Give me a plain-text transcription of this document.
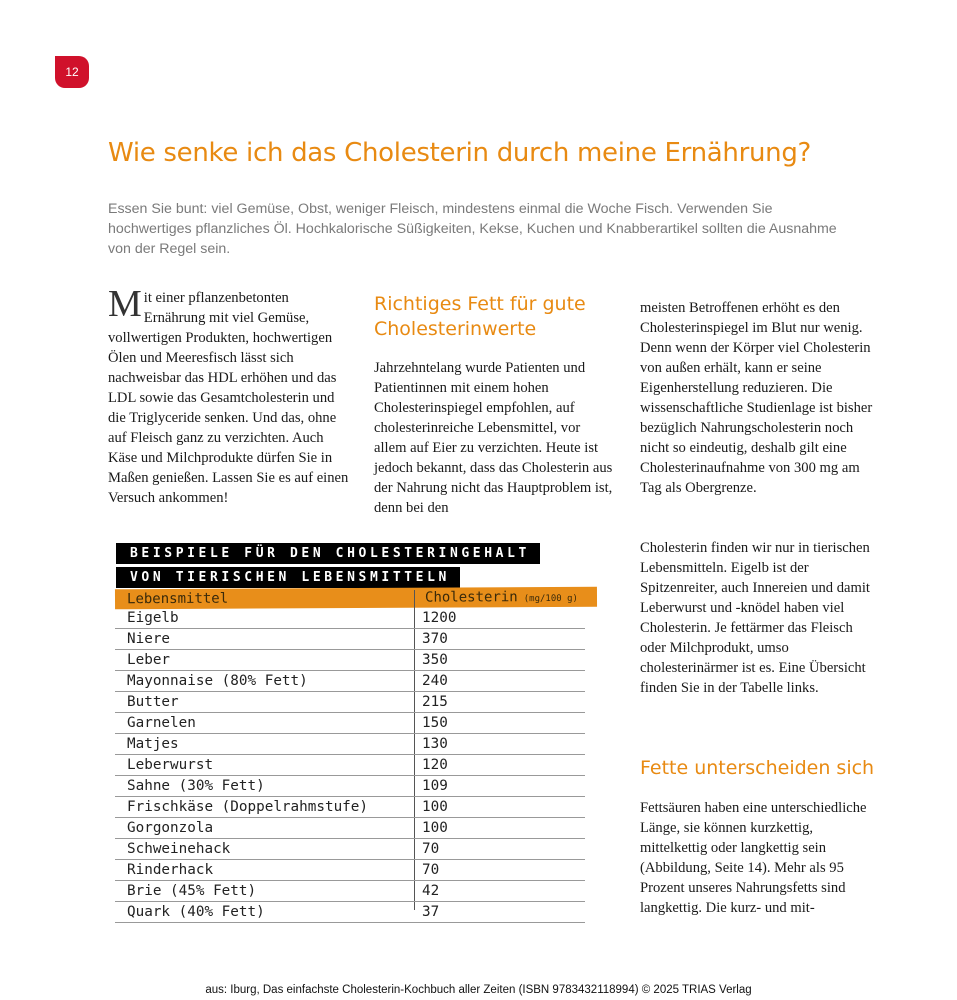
12
Wie senke ich das Cholesterin durch meine Ernährung?

Essen Sie bunt: viel Gemüse, Obst, weniger Fleisch, mindestens einmal die Woche Fisch. Verwenden Sie hochwertiges pflanzliches Öl. Hochkalorische Süßigkeiten, Kekse, Kuchen und Knabberartikel sollten die Ausnahme von der Regel sein.

Mit einer pflanzenbetonten Ernährung mit viel Gemüse, vollwertigen Produkten, hochwertigen Ölen und Meeresfisch lässt sich nachweisbar das HDL erhöhen und das LDL sowie das Gesamtcholesterin und die Triglyceride senken. Und das, ohne auf Fleisch ganz zu verzichten. Auch Käse und Milchprodukte dürfen Sie in Maßen genießen. Lassen Sie es auf einen Versuch ankommen!

Richtiges Fett für gute
Cholesterinwerte

Jahrzehntelang wurde Patienten und Patientinnen mit einem hohen Cholesterinspiegel empfohlen, auf cholesterinreiche Lebensmittel, vor allem auf Eier zu verzichten. Heute ist jedoch bekannt, dass das Cholesterin aus der Nahrung nicht das Hauptproblem ist, denn bei den

meisten Betroffenen erhöht es den Cholesterinspiegel im Blut nur wenig. Denn wenn der Körper viel Cholesterin von außen erhält, kann er seine Eigenherstellung reduzieren. Die wissenschaftliche Studienlage ist bisher bezüglich Nahrungscholesterin noch nicht so eindeutig, deshalb gilt eine Cholesterinaufnahme von 300 mg am Tag als Obergrenze.

Cholesterin finden wir nur in tierischen Lebensmitteln. Eigelb ist der Spitzenreiter, auch Innereien und damit Leberwurst und -knödel haben viel Cholesterin. Je fettärmer das Fleisch oder Milchprodukt, umso cholesterinärmer ist es. Eine Übersicht finden Sie in der Tabelle links.

Fette unterscheiden sich

Fettsäuren haben eine unterschiedliche Länge, sie können kurzkettig, mittelkettig oder langkettig sein (Abbildung, Seite 14). Mehr als 95 Prozent unseres Nahrungsfetts sind langkettig. Die kurz- und mit-

BEISPIELE FÜR DEN CHOLESTERINGEHALT
VON TIERISCHEN LEBENSMITTELN
Lebensmittel	Cholesterin (mg/100 g)
Eigelb	1200
Niere	370
Leber	350
Mayonnaise (80% Fett)	240
Butter	215
Garnelen	150
Matjes	130
Leberwurst	120
Sahne (30% Fett)	109
Frischkäse (Doppelrahmstufe)	100
Gorgonzola	100
Schweinehack	70
Rinderhack	70
Brie (45% Fett)	42
Quark (40% Fett)	37
aus: Iburg, Das einfachste Cholesterin-Kochbuch aller Zeiten (ISBN 9783432118994) © 2025 TRIAS Verlag
